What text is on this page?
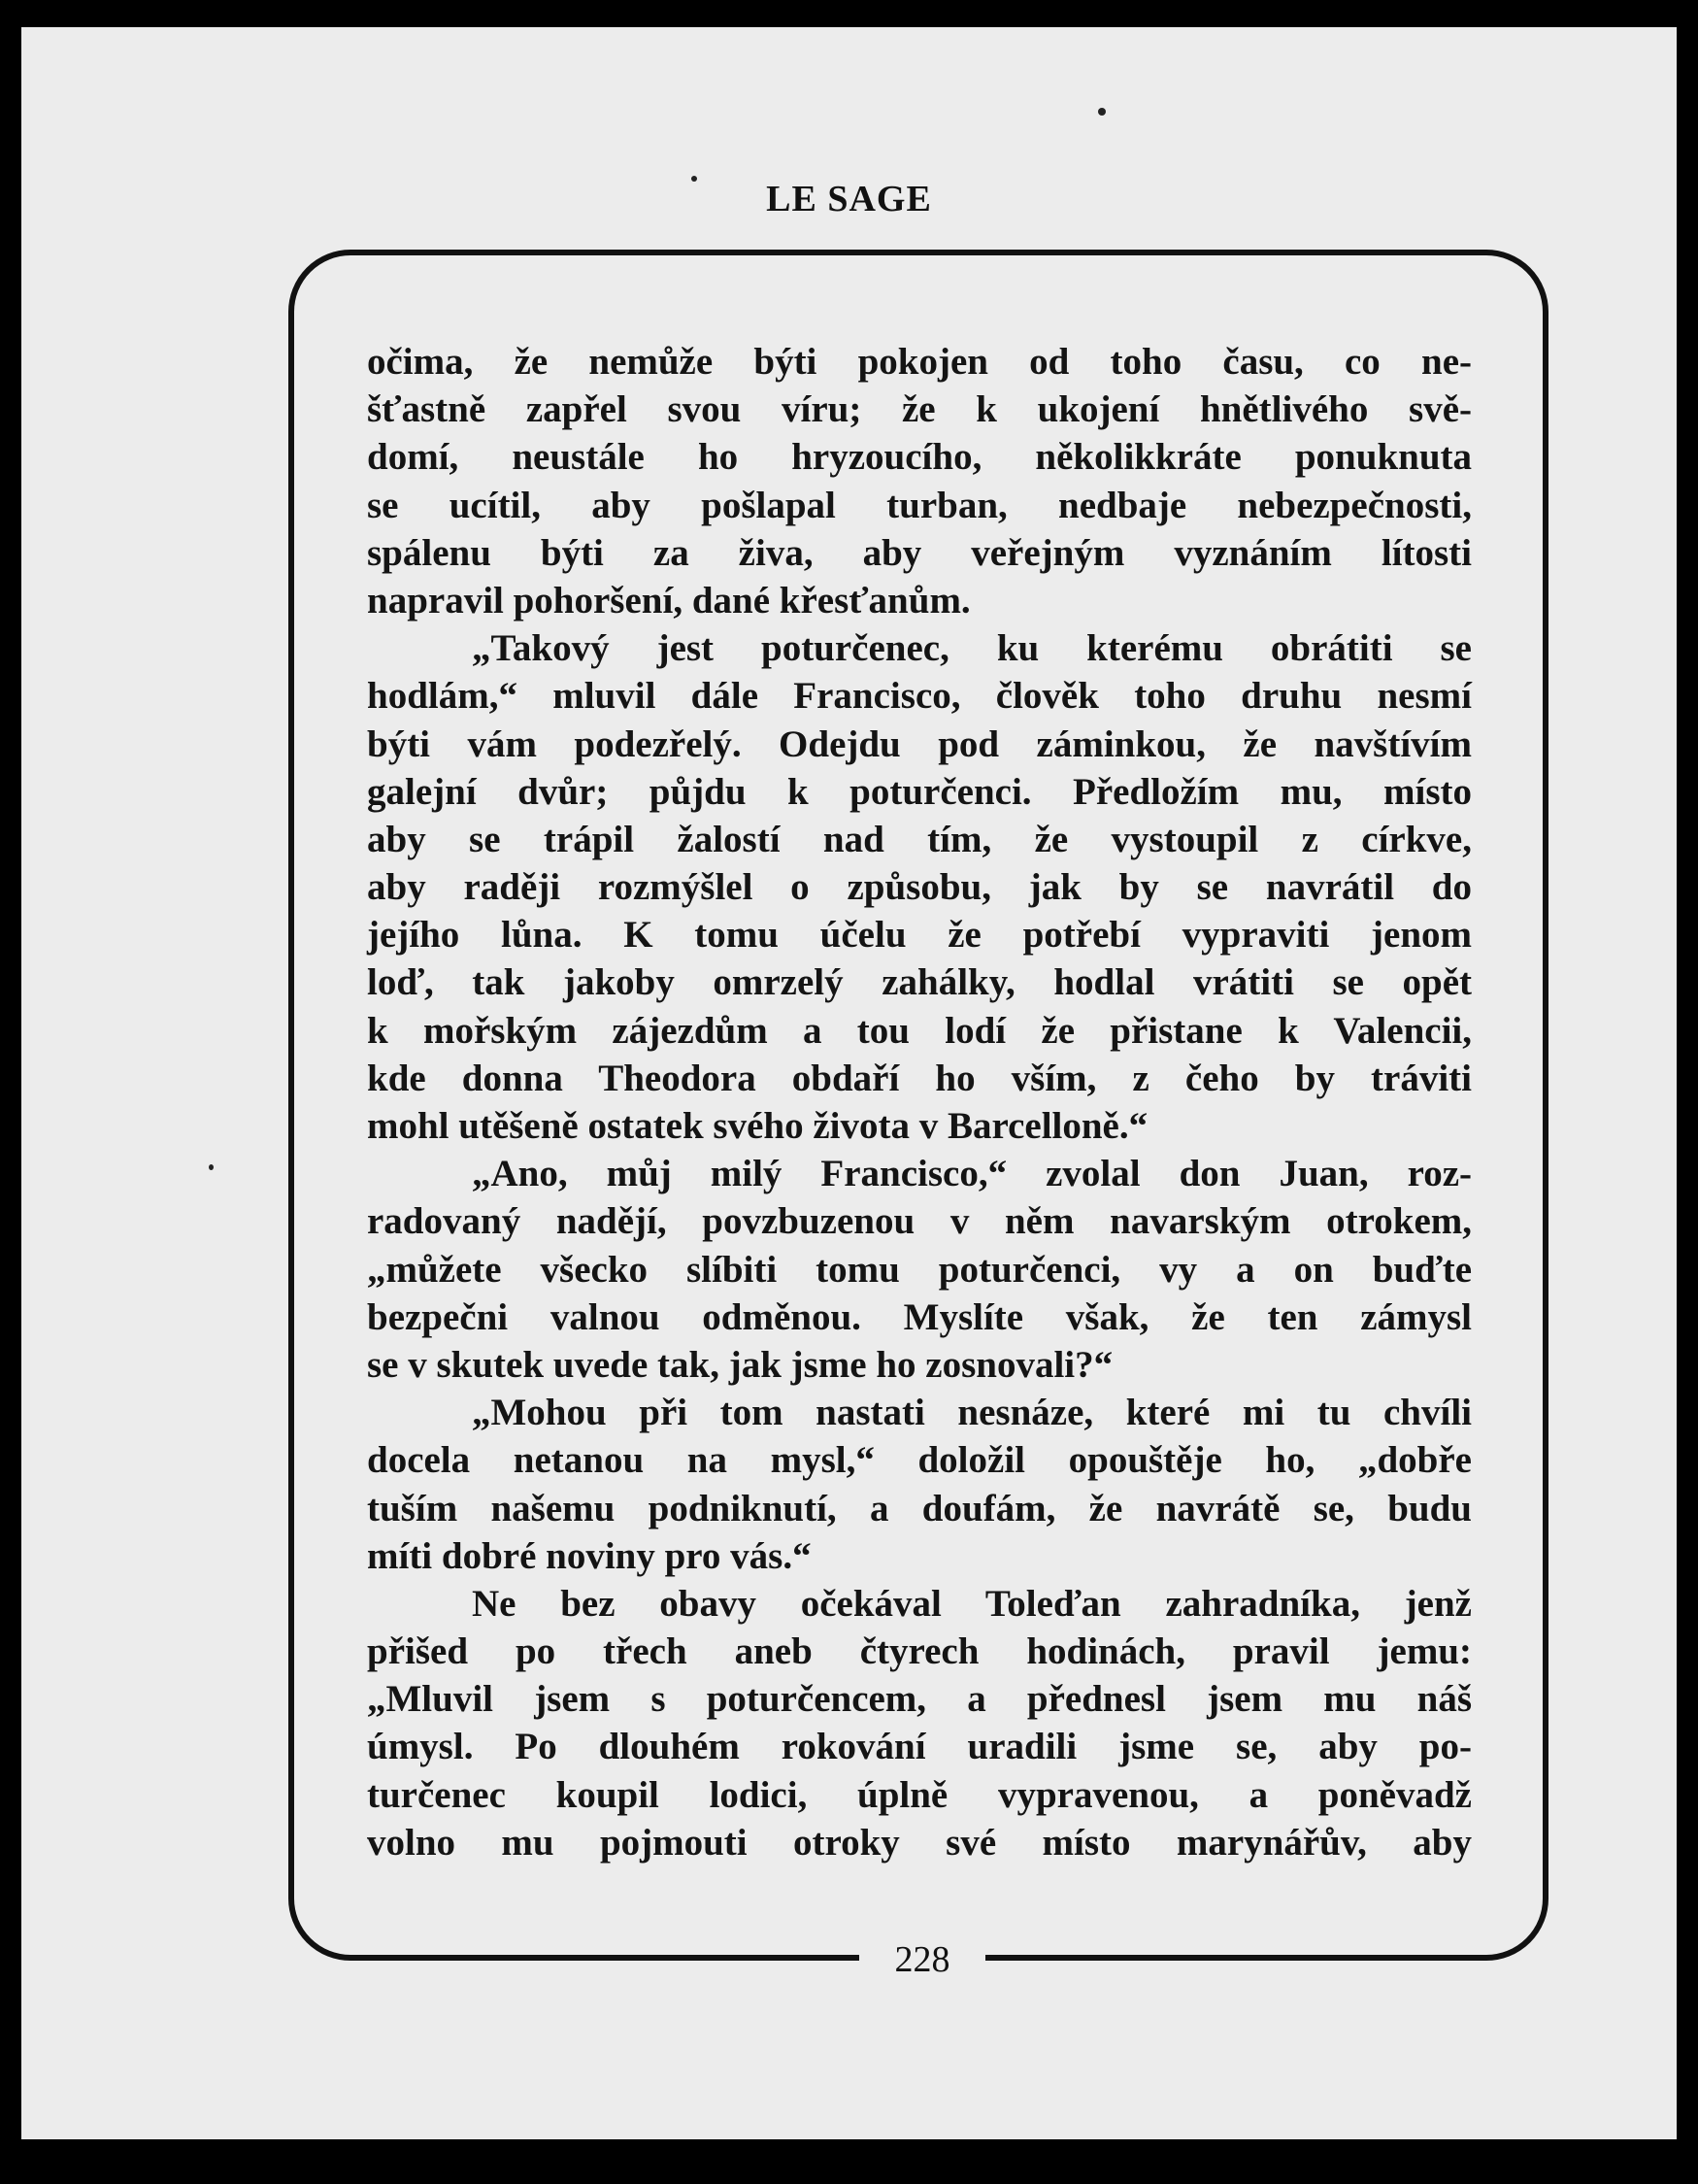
LE SAGE
228
očima, že nemůže býti pokojen od toho času, co ne-
šťastně zapřel svou víru; že k ukojení hnětlivého svě-
domí, neustále ho hryzoucího, několikkráte ponuknuta
se ucítil, aby pošlapal turban, nedbaje nebezpečnosti,
spálenu býti za živa, aby veřejným vyznáním lítosti
napravil pohoršení, dané křesťanům.
„Takový jest poturčenec, ku kterému obrátiti se
hodlám,“ mluvil dále Francisco, člověk toho druhu nesmí
býti vám podezřelý. Odejdu pod záminkou, že navštívím
galejní dvůr; půjdu k poturčenci. Předložím mu, místo
aby se trápil žalostí nad tím, že vystoupil z církve,
aby raději rozmýšlel o způsobu, jak by se navrátil do
jejího lůna. K tomu účelu že potřebí vypraviti jenom
loď, tak jakoby omrzelý zahálky, hodlal vrátiti se opět
k mořským zájezdům a tou lodí že přistane k Valencii,
kde donna Theodora obdaří ho vším, z čeho by tráviti
mohl utěšeně ostatek svého života v Barcelloně.“
„Ano, můj milý Francisco,“ zvolal don Juan, roz-
radovaný nadějí, povzbuzenou v něm navarským otrokem,
„můžete všecko slíbiti tomu poturčenci, vy a on buďte
bezpečni valnou odměnou. Myslíte však, že ten zámysl
se v skutek uvede tak, jak jsme ho zosnovali?“
„Mohou při tom nastati nesnáze, které mi tu chvíli
docela netanou na mysl,“ doložil opouštěje ho, „dobře
tuším našemu podniknutí, a doufám, že navrátě se, budu
míti dobré noviny pro vás.“
Ne bez obavy očekával Toleďan zahradníka, jenž
přišed po třech aneb čtyrech hodinách, pravil jemu:
„Mluvil jsem s poturčencem, a přednesl jsem mu náš
úmysl. Po dlouhém rokování uradili jsme se, aby po-
turčenec koupil lodici, úplně vypravenou, a poněvadž
volno mu pojmouti otroky své místo marynářův, aby
